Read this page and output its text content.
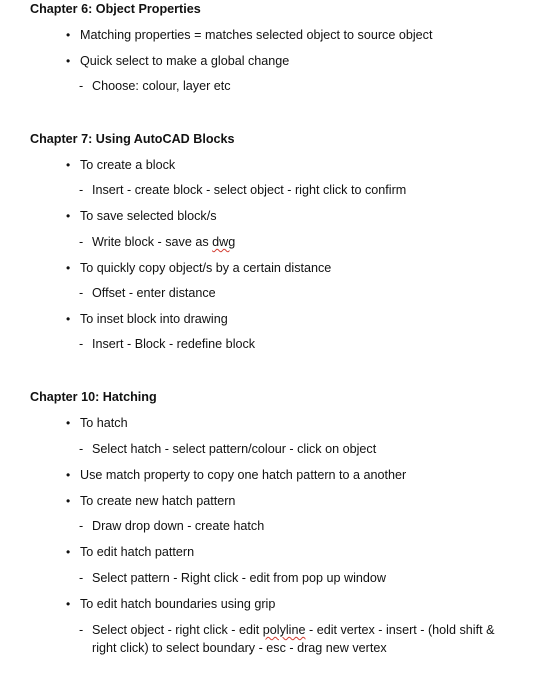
Chapter 6: Object Properties
• Matching properties = matches selected object to source object
• Quick select to make a global change
- Choose: colour, layer etc
Chapter 7: Using AutoCAD Blocks
• To create a block
- Insert - create block - select object - right click to confirm
• To save selected block/s
- Write block - save as dwg
• To quickly copy object/s by a certain distance
- Offset - enter distance
• To inset block into drawing
- Insert - Block - redefine block
Chapter 10: Hatching
• To hatch
- Select hatch - select pattern/colour - click on object
• Use match property to copy one hatch pattern to a another
• To create new hatch pattern
- Draw drop down - create hatch
• To edit hatch pattern
- Select pattern - Right click - edit from pop up window
• To edit hatch boundaries using grip
- Select object - right click - edit polyline - edit vertex - insert - (hold shift & right click) to select boundary - esc - drag new vertex
